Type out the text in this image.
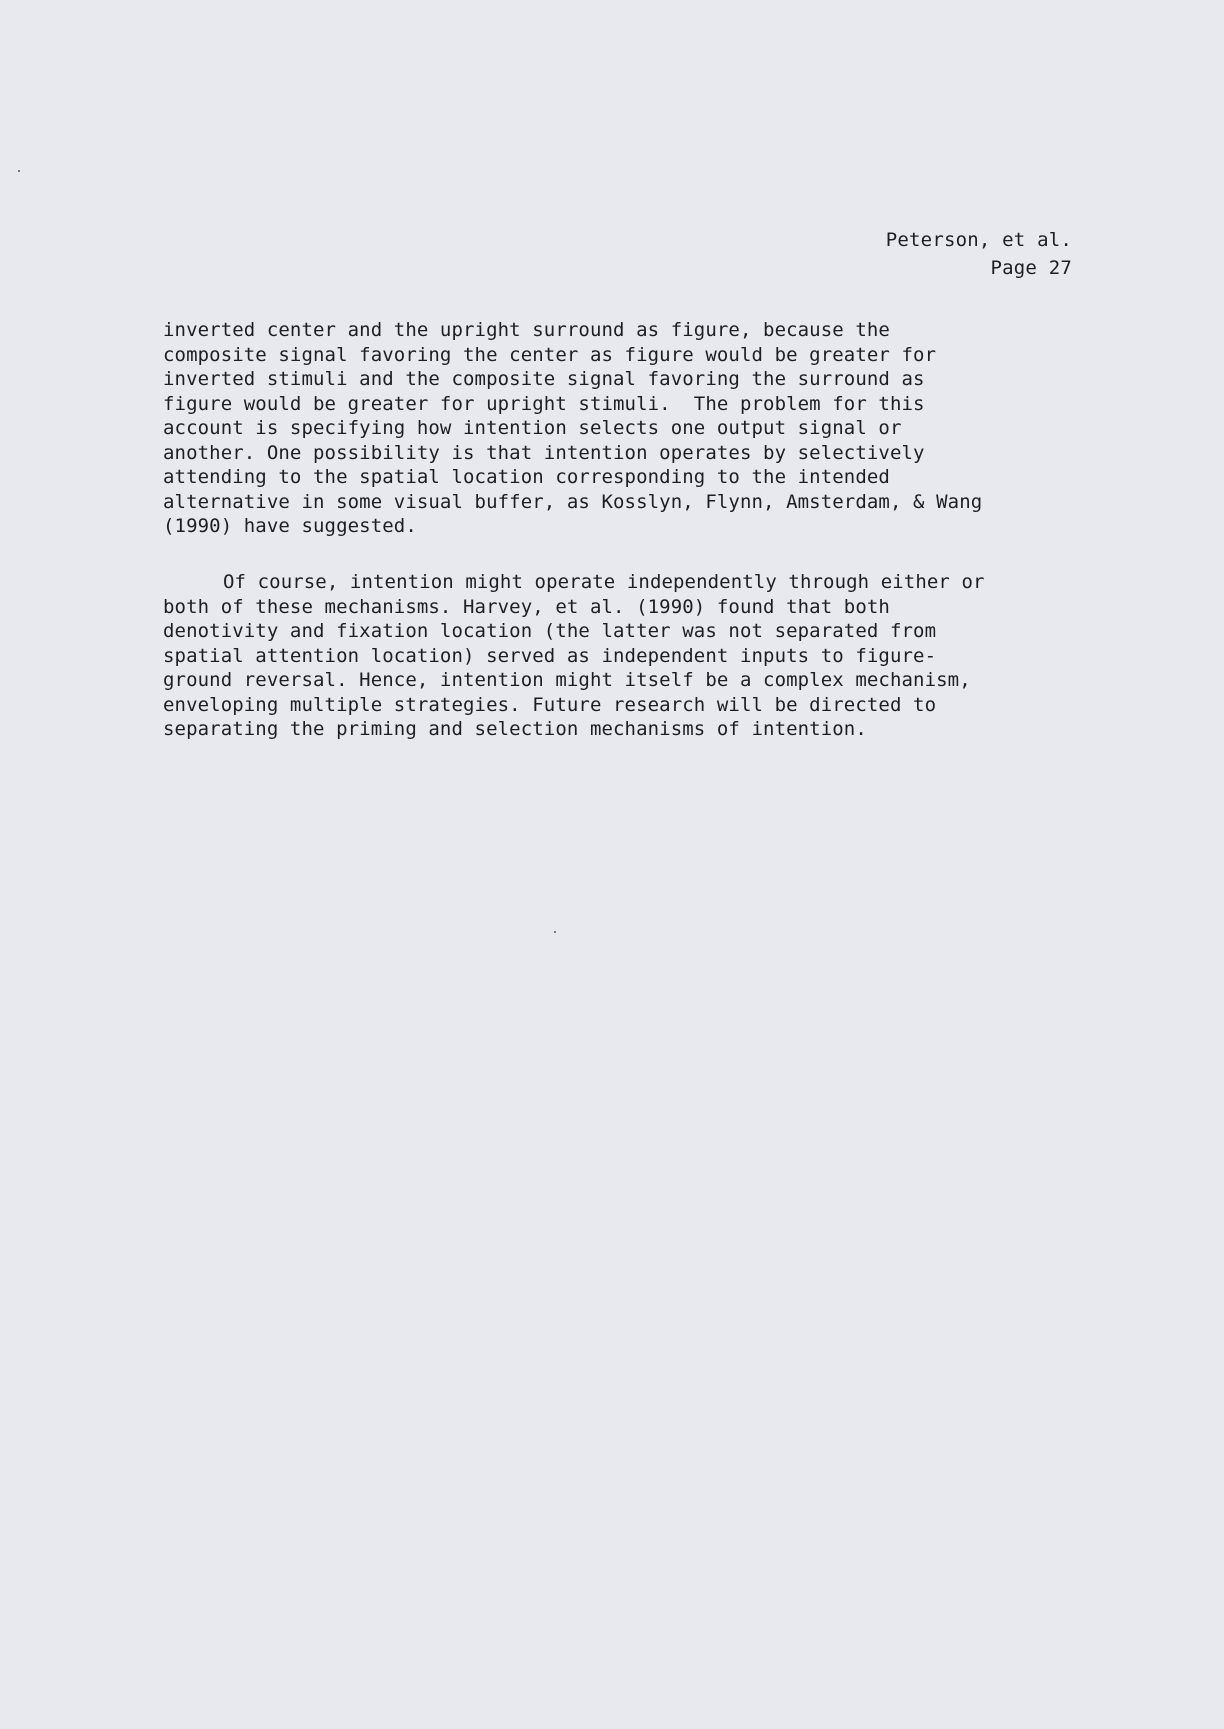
Peterson, et al.
Page 27
inverted center and the upright surround as figure, because the
composite signal favoring the center as figure would be greater for
inverted stimuli and the composite signal favoring the surround as
figure would be greater for upright stimuli.  The problem for this
account is specifying how intention selects one output signal or
another. One possibility is that intention operates by selectively
attending to the spatial location corresponding to the intended
alternative in some visual buffer, as Kosslyn, Flynn, Amsterdam, & Wang
(1990) have suggested.
Of course, intention might operate independently through either or
both of these mechanisms. Harvey, et al. (1990) found that both
denotivity and fixation location (the latter was not separated from
spatial attention location) served as independent inputs to figure-
ground reversal. Hence, intention might itself be a complex mechanism,
enveloping multiple strategies. Future research will be directed to
separating the priming and selection mechanisms of intention.
